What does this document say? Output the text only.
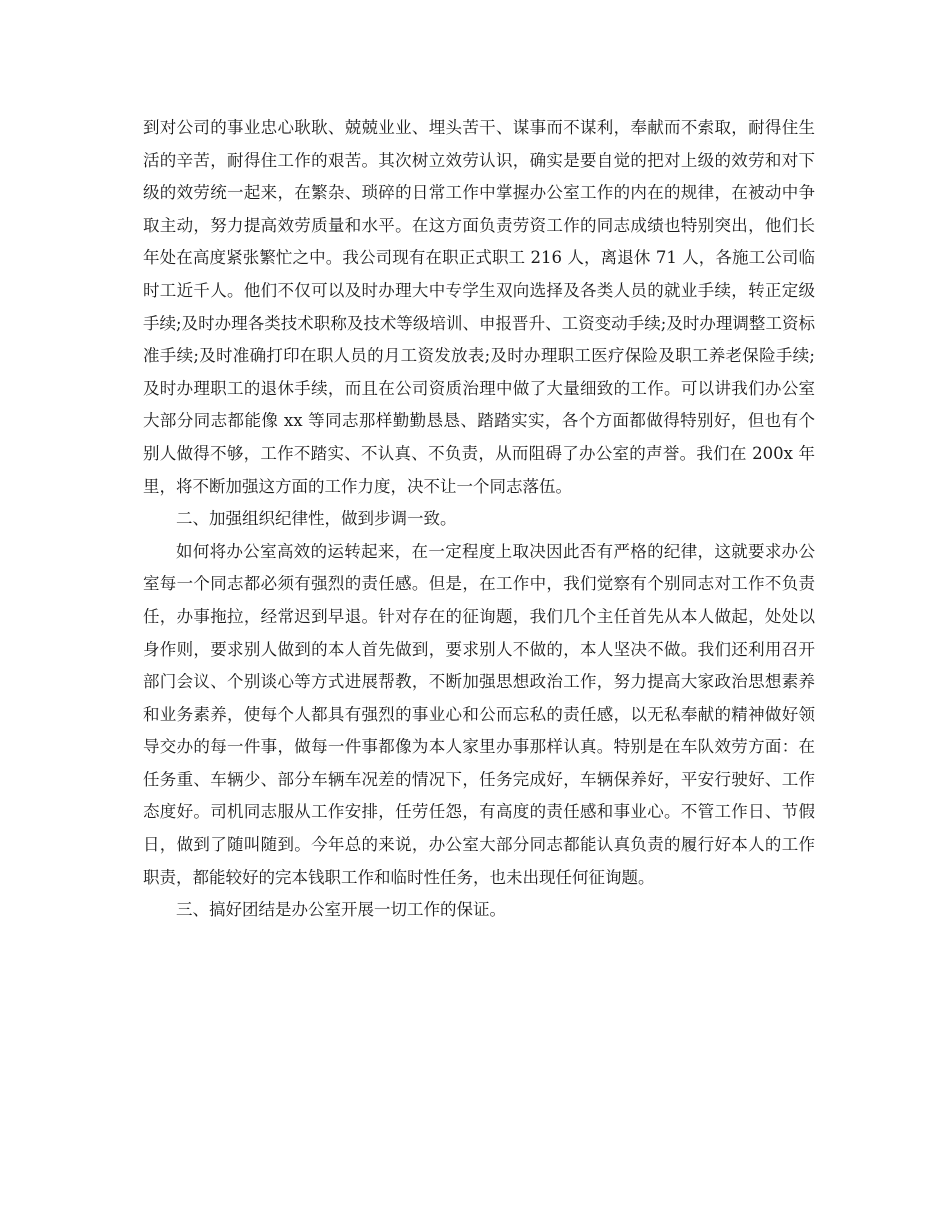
到对公司的事业忠心耿耿、兢兢业业、埋头苦干、谋事而不谋利，奉献而不索取，耐得住生活的辛苦，耐得住工作的艰苦。其次树立效劳认识，确实是要自觉的把对上级的效劳和对下级的效劳统一起来，在繁杂、琐碎的日常工作中掌握办公室工作的内在的规律，在被动中争取主动，努力提高效劳质量和水平。在这方面负责劳资工作的同志成绩也特别突出，他们长年处在高度紧张繁忙之中。我公司现有在职正式职工 216 人，离退休 71 人，各施工公司临时工近千人。他们不仅可以及时办理大中专学生双向选择及各类人员的就业手续，转正定级手续;及时办理各类技术职称及技术等级培训、申报晋升、工资变动手续;及时办理调整工资标准手续;及时准确打印在职人员的月工资发放表;及时办理职工医疗保险及职工养老保险手续;及时办理职工的退休手续，而且在公司资质治理中做了大量细致的工作。可以讲我们办公室大部分同志都能像 xx 等同志那样勤勤恳恳、踏踏实实，各个方面都做得特别好，但也有个别人做得不够，工作不踏实、不认真、不负责，从而阻碍了办公室的声誉。我们在 200x 年里，将不断加强这方面的工作力度，决不让一个同志落伍。

二、加强组织纪律性，做到步调一致。

如何将办公室高效的运转起来，在一定程度上取决因此否有严格的纪律，这就要求办公室每一个同志都必须有强烈的责任感。但是，在工作中，我们觉察有个别同志对工作不负责任，办事拖拉，经常迟到早退。针对存在的征询题，我们几个主任首先从本人做起，处处以身作则，要求别人做到的本人首先做到，要求别人不做的，本人坚决不做。我们还利用召开部门会议、个别谈心等方式进展帮教，不断加强思想政治工作，努力提高大家政治思想素养和业务素养，使每个人都具有强烈的事业心和公而忘私的责任感，以无私奉献的精神做好领导交办的每一件事，做每一件事都像为本人家里办事那样认真。特别是在车队效劳方面：在任务重、车辆少、部分车辆车况差的情况下，任务完成好，车辆保养好，平安行驶好、工作态度好。司机同志服从工作安排，任劳任怨，有高度的责任感和事业心。不管工作日、节假日，做到了随叫随到。今年总的来说，办公室大部分同志都能认真负责的履行好本人的工作职责，都能较好的完本钱职工作和临时性任务，也未出现任何征询题。

三、搞好团结是办公室开展一切工作的保证。
